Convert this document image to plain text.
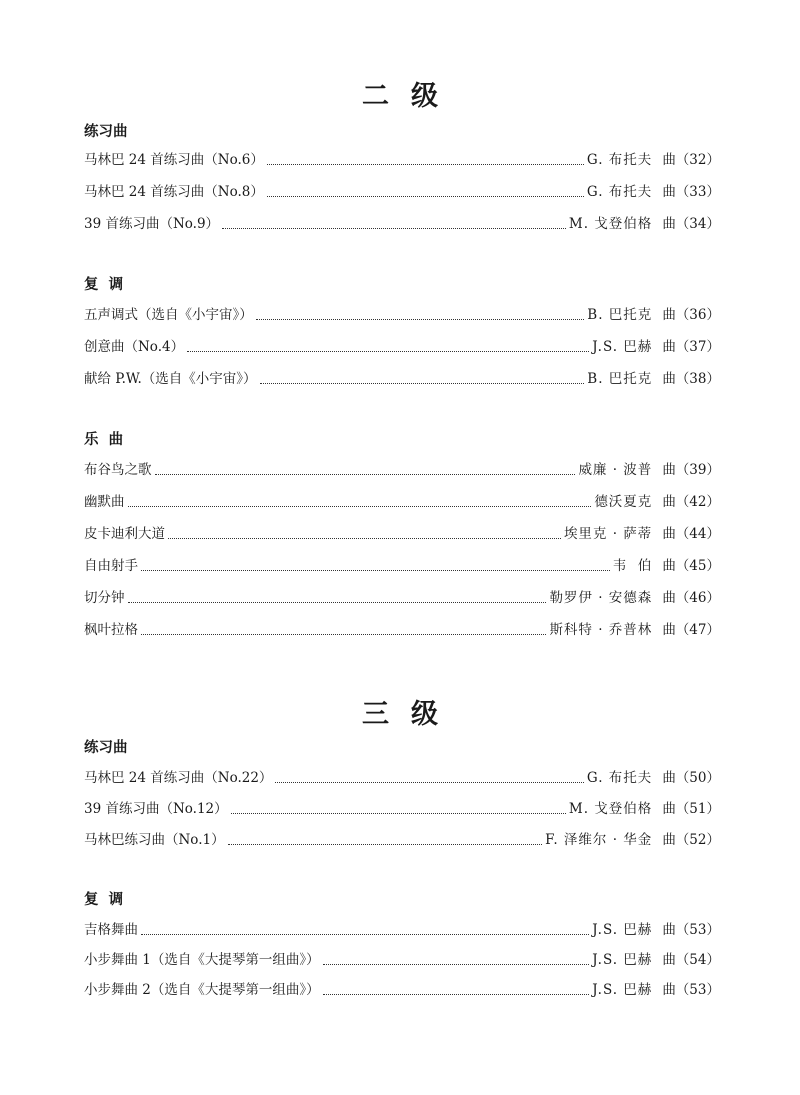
二级
练习曲
马林巴 24 首练习曲（No.6）	G. 布托夫 曲（32）
马林巴 24 首练习曲（No.8）	G. 布托夫 曲（33）
39 首练习曲（No.9）	M. 戈登伯格 曲（34）
复  调
五声调式（选自《小宇宙》）	B. 巴托克 曲（36）
创意曲（No.4）	J.S. 巴赫 曲（37）
献给 P.W.（选自《小宇宙》）	B. 巴托克 曲（38）
乐  曲
布谷鸟之歌	威廉 · 波普 曲（39）
幽默曲	德沃夏克 曲（42）
皮卡迪利大道	埃里克 · 萨蒂 曲（44）
自由射手	韦  伯 曲（45）
切分钟	勒罗伊 · 安德森 曲（46）
枫叶拉格	斯科特 · 乔普林 曲（47）
三级
练习曲
马林巴 24 首练习曲（No.22）	G. 布托夫 曲（50）
39 首练习曲（No.12）	M. 戈登伯格 曲（51）
马林巴练习曲（No.1）	F. 泽维尔 · 华金 曲（52）
复  调
吉格舞曲	J.S. 巴赫 曲（53）
小步舞曲 1（选自《大提琴第一组曲》）	J.S. 巴赫 曲（54）
小步舞曲 2（选自《大提琴第一组曲》）	J.S. 巴赫 曲（53）
